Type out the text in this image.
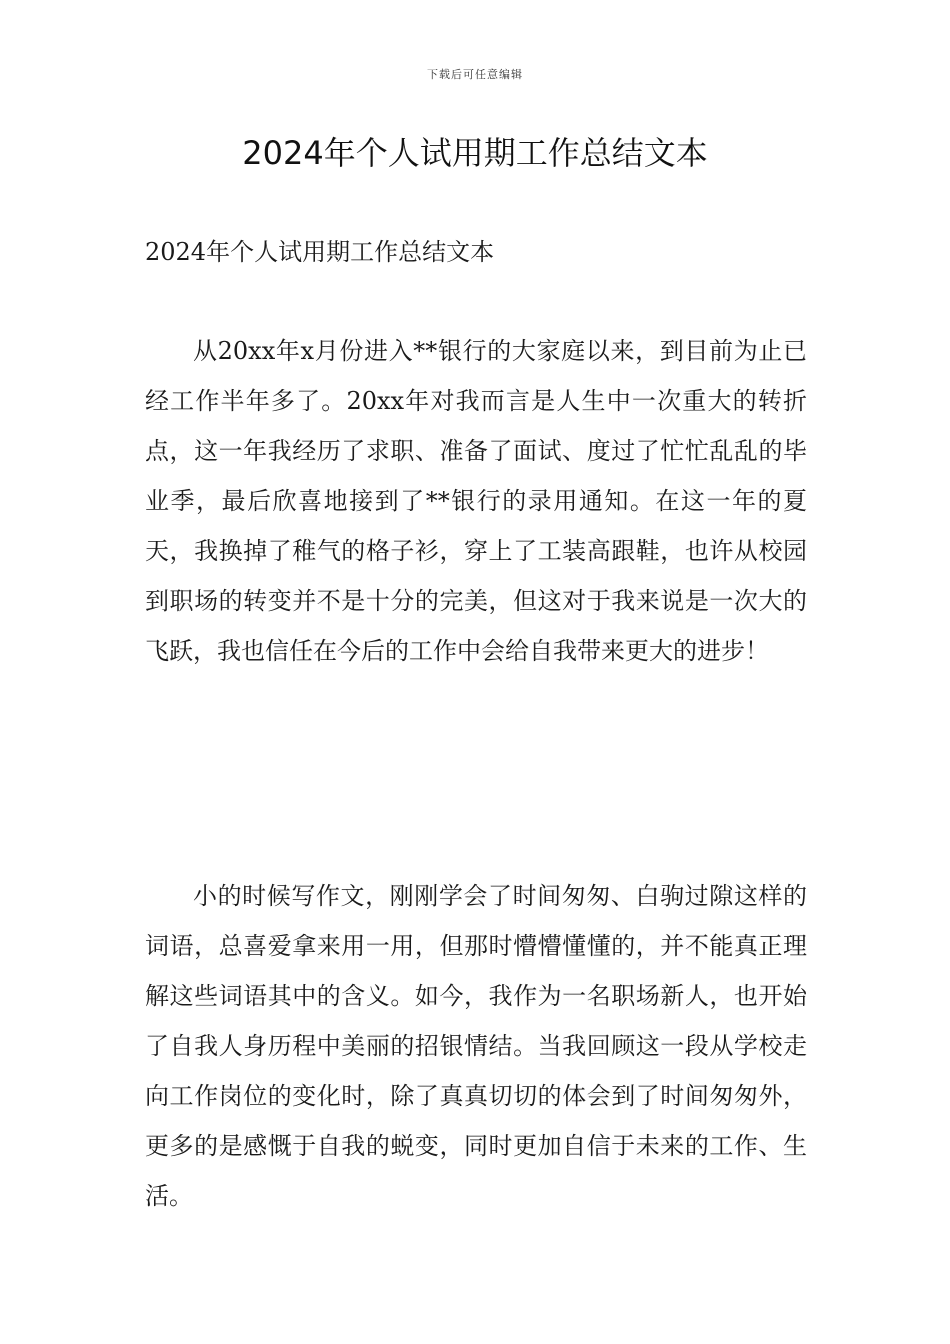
下载后可任意编辑
2024年个人试用期工作总结文本

2024年个人试用期工作总结文本

从20xx年x月份进入**银行的大家庭以来，到目前为止已经工作半年多了。20xx年对我而言是人生中一次重大的转折点，这一年我经历了求职、准备了面试、度过了忙忙乱乱的毕业季，最后欣喜地接到了**银行的录用通知。在这一年的夏天，我换掉了稚气的格子衫，穿上了工装高跟鞋，也许从校园到职场的转变并不是十分的完美，但这对于我来说是一次大的飞跃，我也信任在今后的工作中会给自我带来更大的进步！

小的时候写作文，刚刚学会了时间匆匆、白驹过隙这样的词语，总喜爱拿来用一用，但那时懵懵懂懂的，并不能真正理解这些词语其中的含义。如今，我作为一名职场新人，也开始了自我人身历程中美丽的招银情结。当我回顾这一段从学校走向工作岗位的变化时，除了真真切切的体会到了时间匆匆外，更多的是感慨于自我的蜕变，同时更加自信于未来的工作、生活。
